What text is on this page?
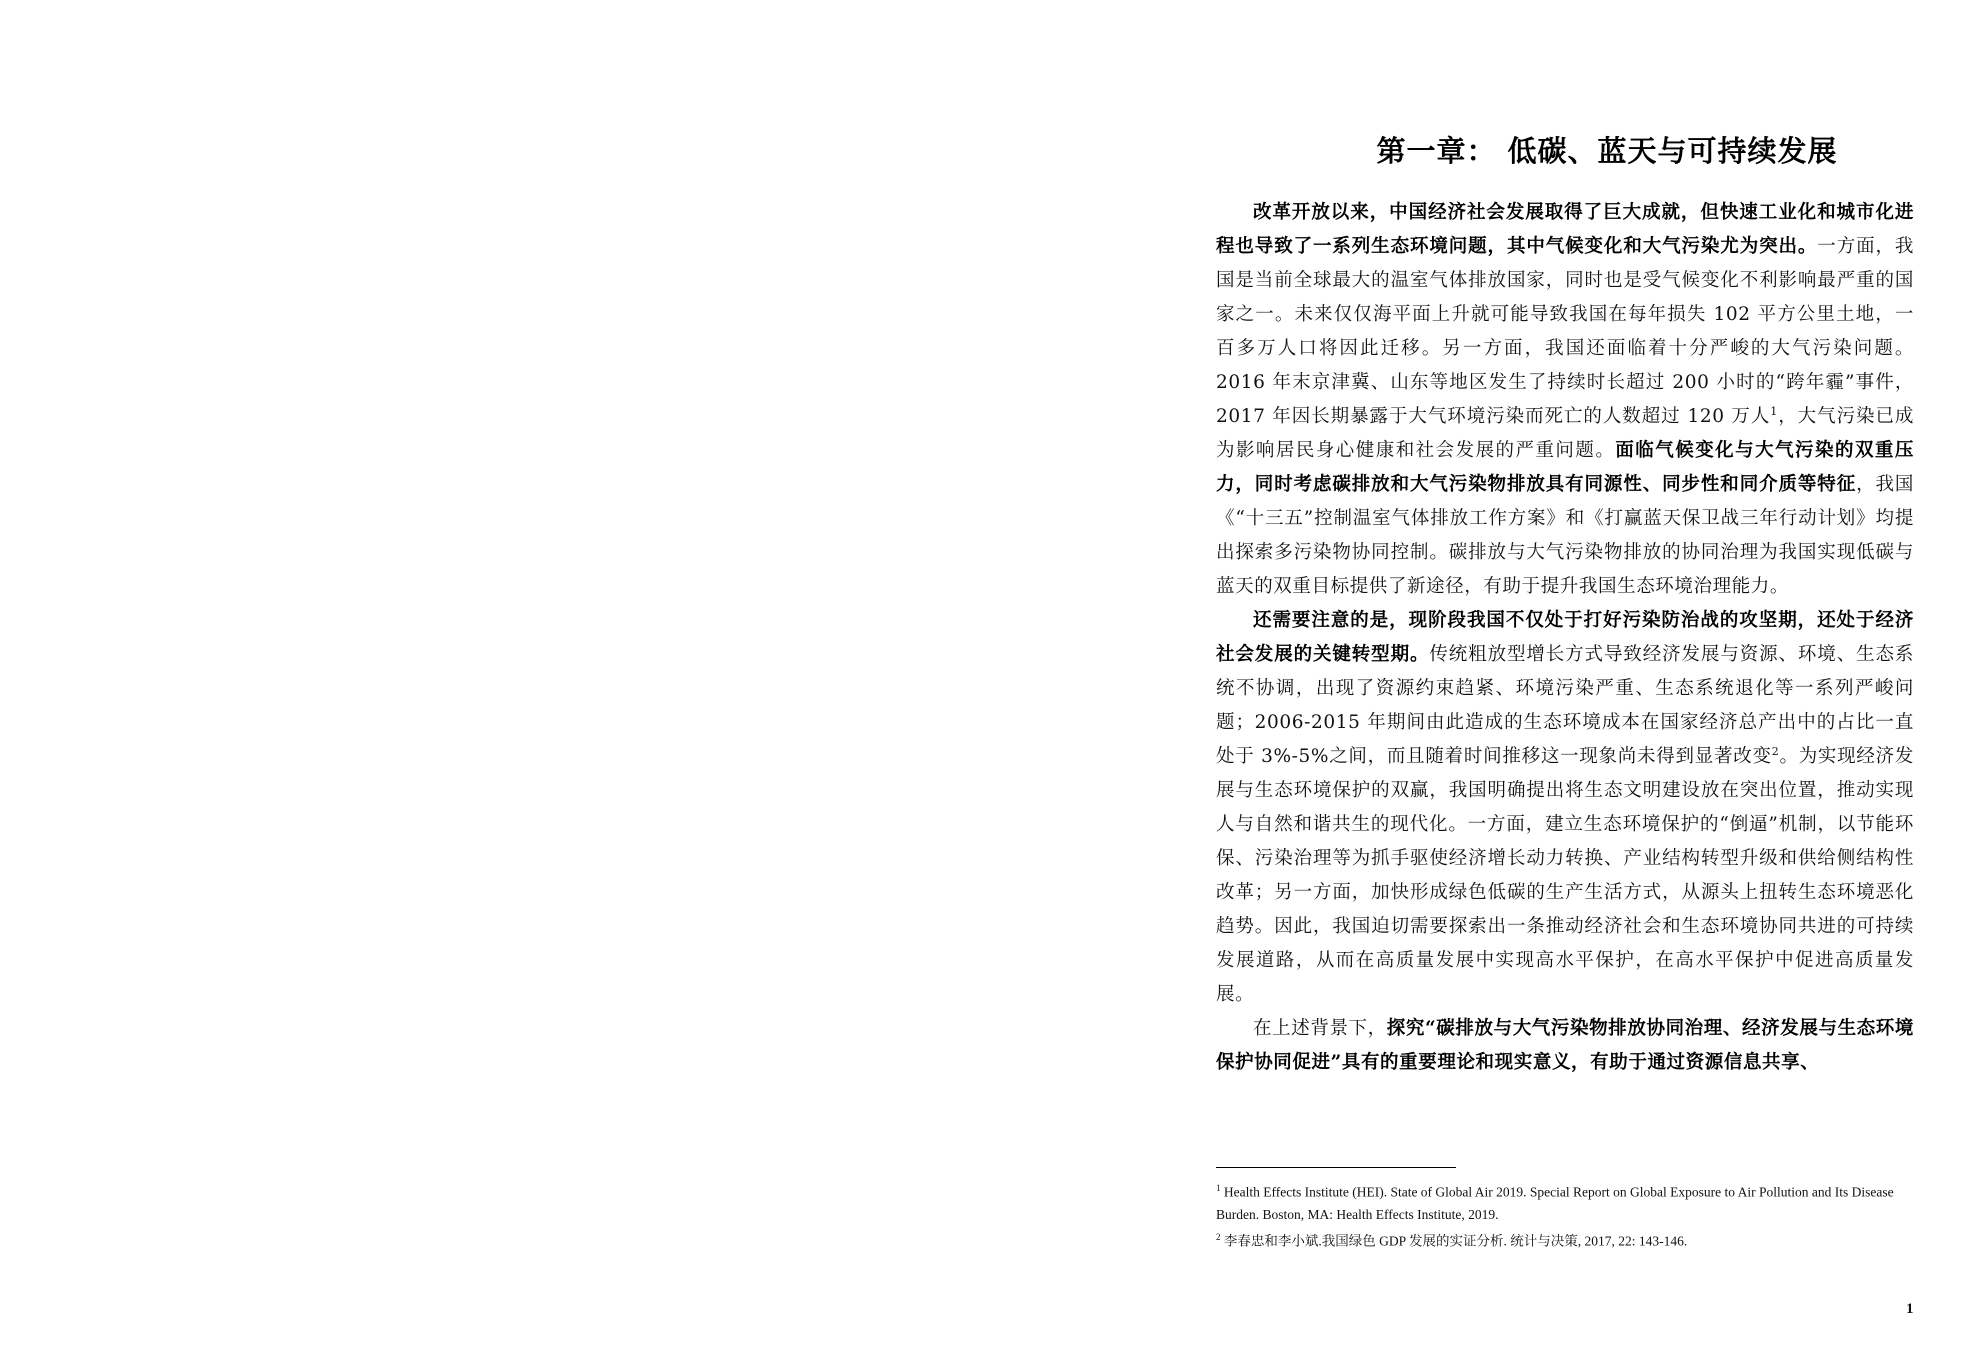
第一章： 低碳、蓝天与可持续发展

改革开放以来，中国经济社会发展取得了巨大成就，但快速工业化和城市化进程也导致了一系列生态环境问题，其中气候变化和大气污染尤为突出。一方面，我国是当前全球最大的温室气体排放国家，同时也是受气候变化不利影响最严重的国家之一。未来仅仅海平面上升就可能导致我国在每年损失 102 平方公里土地，一百多万人口将因此迁移。另一方面，我国还面临着十分严峻的大气污染问题。2016 年末京津冀、山东等地区发生了持续时长超过 200 小时的“跨年霾”事件，2017 年因长期暴露于大气环境污染而死亡的人数超过 120 万人$^1$，大气污染已成为影响居民身心健康和社会发展的严重问题。面临气候变化与大气污染的双重压力，同时考虑碳排放和大气污染物排放具有同源性、同步性和同介质等特征，我国《“十三五”控制温室气体排放工作方案》和《打赢蓝天保卫战三年行动计划》均提出探索多污染物协同控制。碳排放与大气污染物排放的协同治理为我国实现低碳与蓝天的双重目标提供了新途径，有助于提升我国生态环境治理能力。

还需要注意的是，现阶段我国不仅处于打好污染防治战的攻坚期，还处于经济社会发展的关键转型期。传统粗放型增长方式导致经济发展与资源、环境、生态系统不协调，出现了资源约束趋紧、环境污染严重、生态系统退化等一系列严峻问题；2006-2015 年期间由此造成的生态环境成本在国家经济总产出中的占比一直处于 3%-5%之间，而且随着时间推移这一现象尚未得到显著改变$^2$。为实现经济发展与生态环境保护的双赢，我国明确提出将生态文明建设放在突出位置，推动实现人与自然和谐共生的现代化。一方面，建立生态环境保护的“倒逼”机制，以节能环保、污染治理等为抓手驱使经济增长动力转换、产业结构转型升级和供给侧结构性改革；另一方面，加快形成绿色低碳的生产生活方式，从源头上扭转生态环境恶化趋势。因此，我国迫切需要探索出一条推动经济社会和生态环境协同共进的可持续发展道路，从而在高质量发展中实现高水平保护，在高水平保护中促进高质量发展。

在上述背景下，探究“碳排放与大气污染物排放协同治理、经济发展与生态环境保护协同促进”具有的重要理论和现实意义，有助于通过资源信息共享、

$^1$ Health Effects Institute (HEI). State of Global Air 2019. Special Report on Global Exposure to Air Pollution and Its Disease Burden. Boston, MA: Health Effects Institute, 2019.

$^2$ 李春忠和李小斌.我国绿色 GDP 发展的实证分析. 统计与决策, 2017, 22: 143-146.

1
